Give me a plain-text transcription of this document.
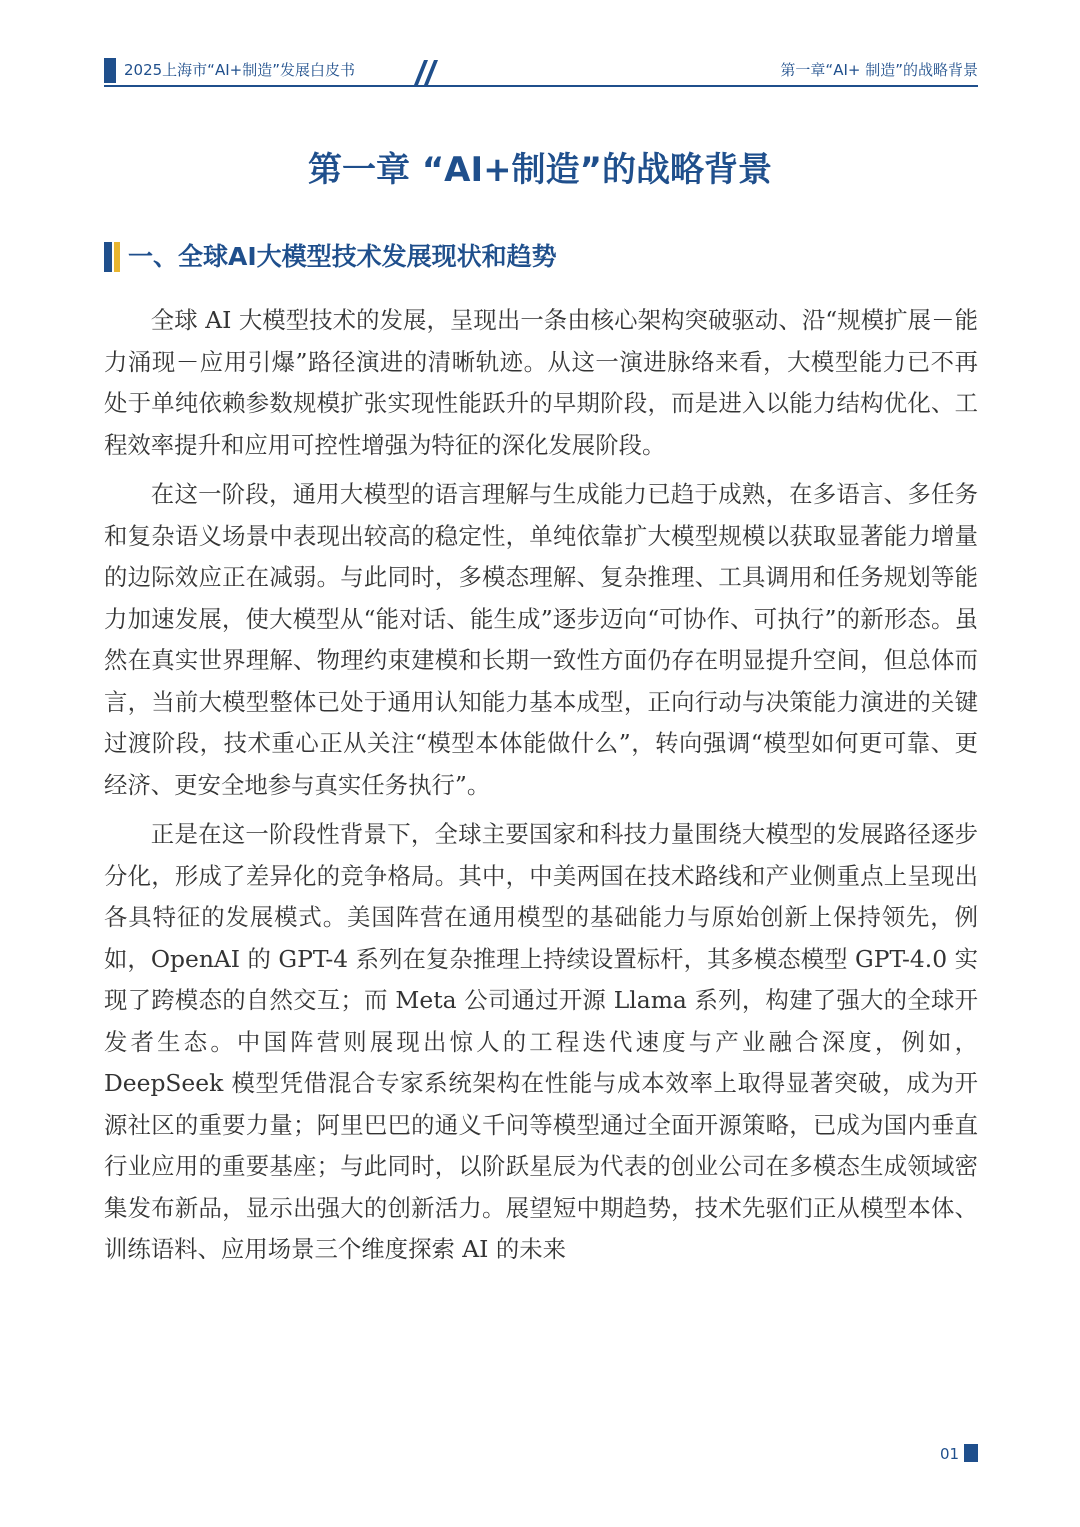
2025上海市“AI+制造”发展白皮书	第一章“AI+ 制造”的战略背景
第一章 “AI+制造”的战略背景
一、全球AI大模型技术发展现状和趋势

全球 AI 大模型技术的发展，呈现出一条由核心架构突破驱动、沿“规模扩展－能力涌现－应用引爆”路径演进的清晰轨迹。从这一演进脉络来看，大模型能力已不再处于单纯依赖参数规模扩张实现性能跃升的早期阶段，而是进入以能力结构优化、工程效率提升和应用可控性增强为特征的深化发展阶段。

在这一阶段，通用大模型的语言理解与生成能力已趋于成熟，在多语言、多任务和复杂语义场景中表现出较高的稳定性，单纯依靠扩大模型规模以获取显著能力增量的边际效应正在减弱。与此同时，多模态理解、复杂推理、工具调用和任务规划等能力加速发展，使大模型从“能对话、能生成”逐步迈向“可协作、可执行”的新形态。虽然在真实世界理解、物理约束建模和长期一致性方面仍存在明显提升空间，但总体而言，当前大模型整体已处于通用认知能力基本成型，正向行动与决策能力演进的关键过渡阶段，技术重心正从关注“模型本体能做什么”，转向强调“模型如何更可靠、更经济、更安全地参与真实任务执行”。

正是在这一阶段性背景下，全球主要国家和科技力量围绕大模型的发展路径逐步分化，形成了差异化的竞争格局。其中，中美两国在技术路线和产业侧重点上呈现出各具特征的发展模式。美国阵营在通用模型的基础能力与原始创新上保持领先，例如，OpenAI 的 GPT-4 系列在复杂推理上持续设置标杆，其多模态模型 GPT-4.0 实现了跨模态的自然交互；而 Meta 公司通过开源 Llama 系列，构建了强大的全球开发者生态。中国阵营则展现出惊人的工程迭代速度与产业融合深度，例如，DeepSeek 模型凭借混合专家系统架构在性能与成本效率上取得显著突破，成为开源社区的重要力量；阿里巴巴的通义千问等模型通过全面开源策略，已成为国内垂直行业应用的重要基座；与此同时，以阶跃星辰为代表的创业公司在多模态生成领域密集发布新品，显示出强大的创新活力。展望短中期趋势，技术先驱们正从模型本体、训练语料、应用场景三个维度探索 AI 的未来

01
